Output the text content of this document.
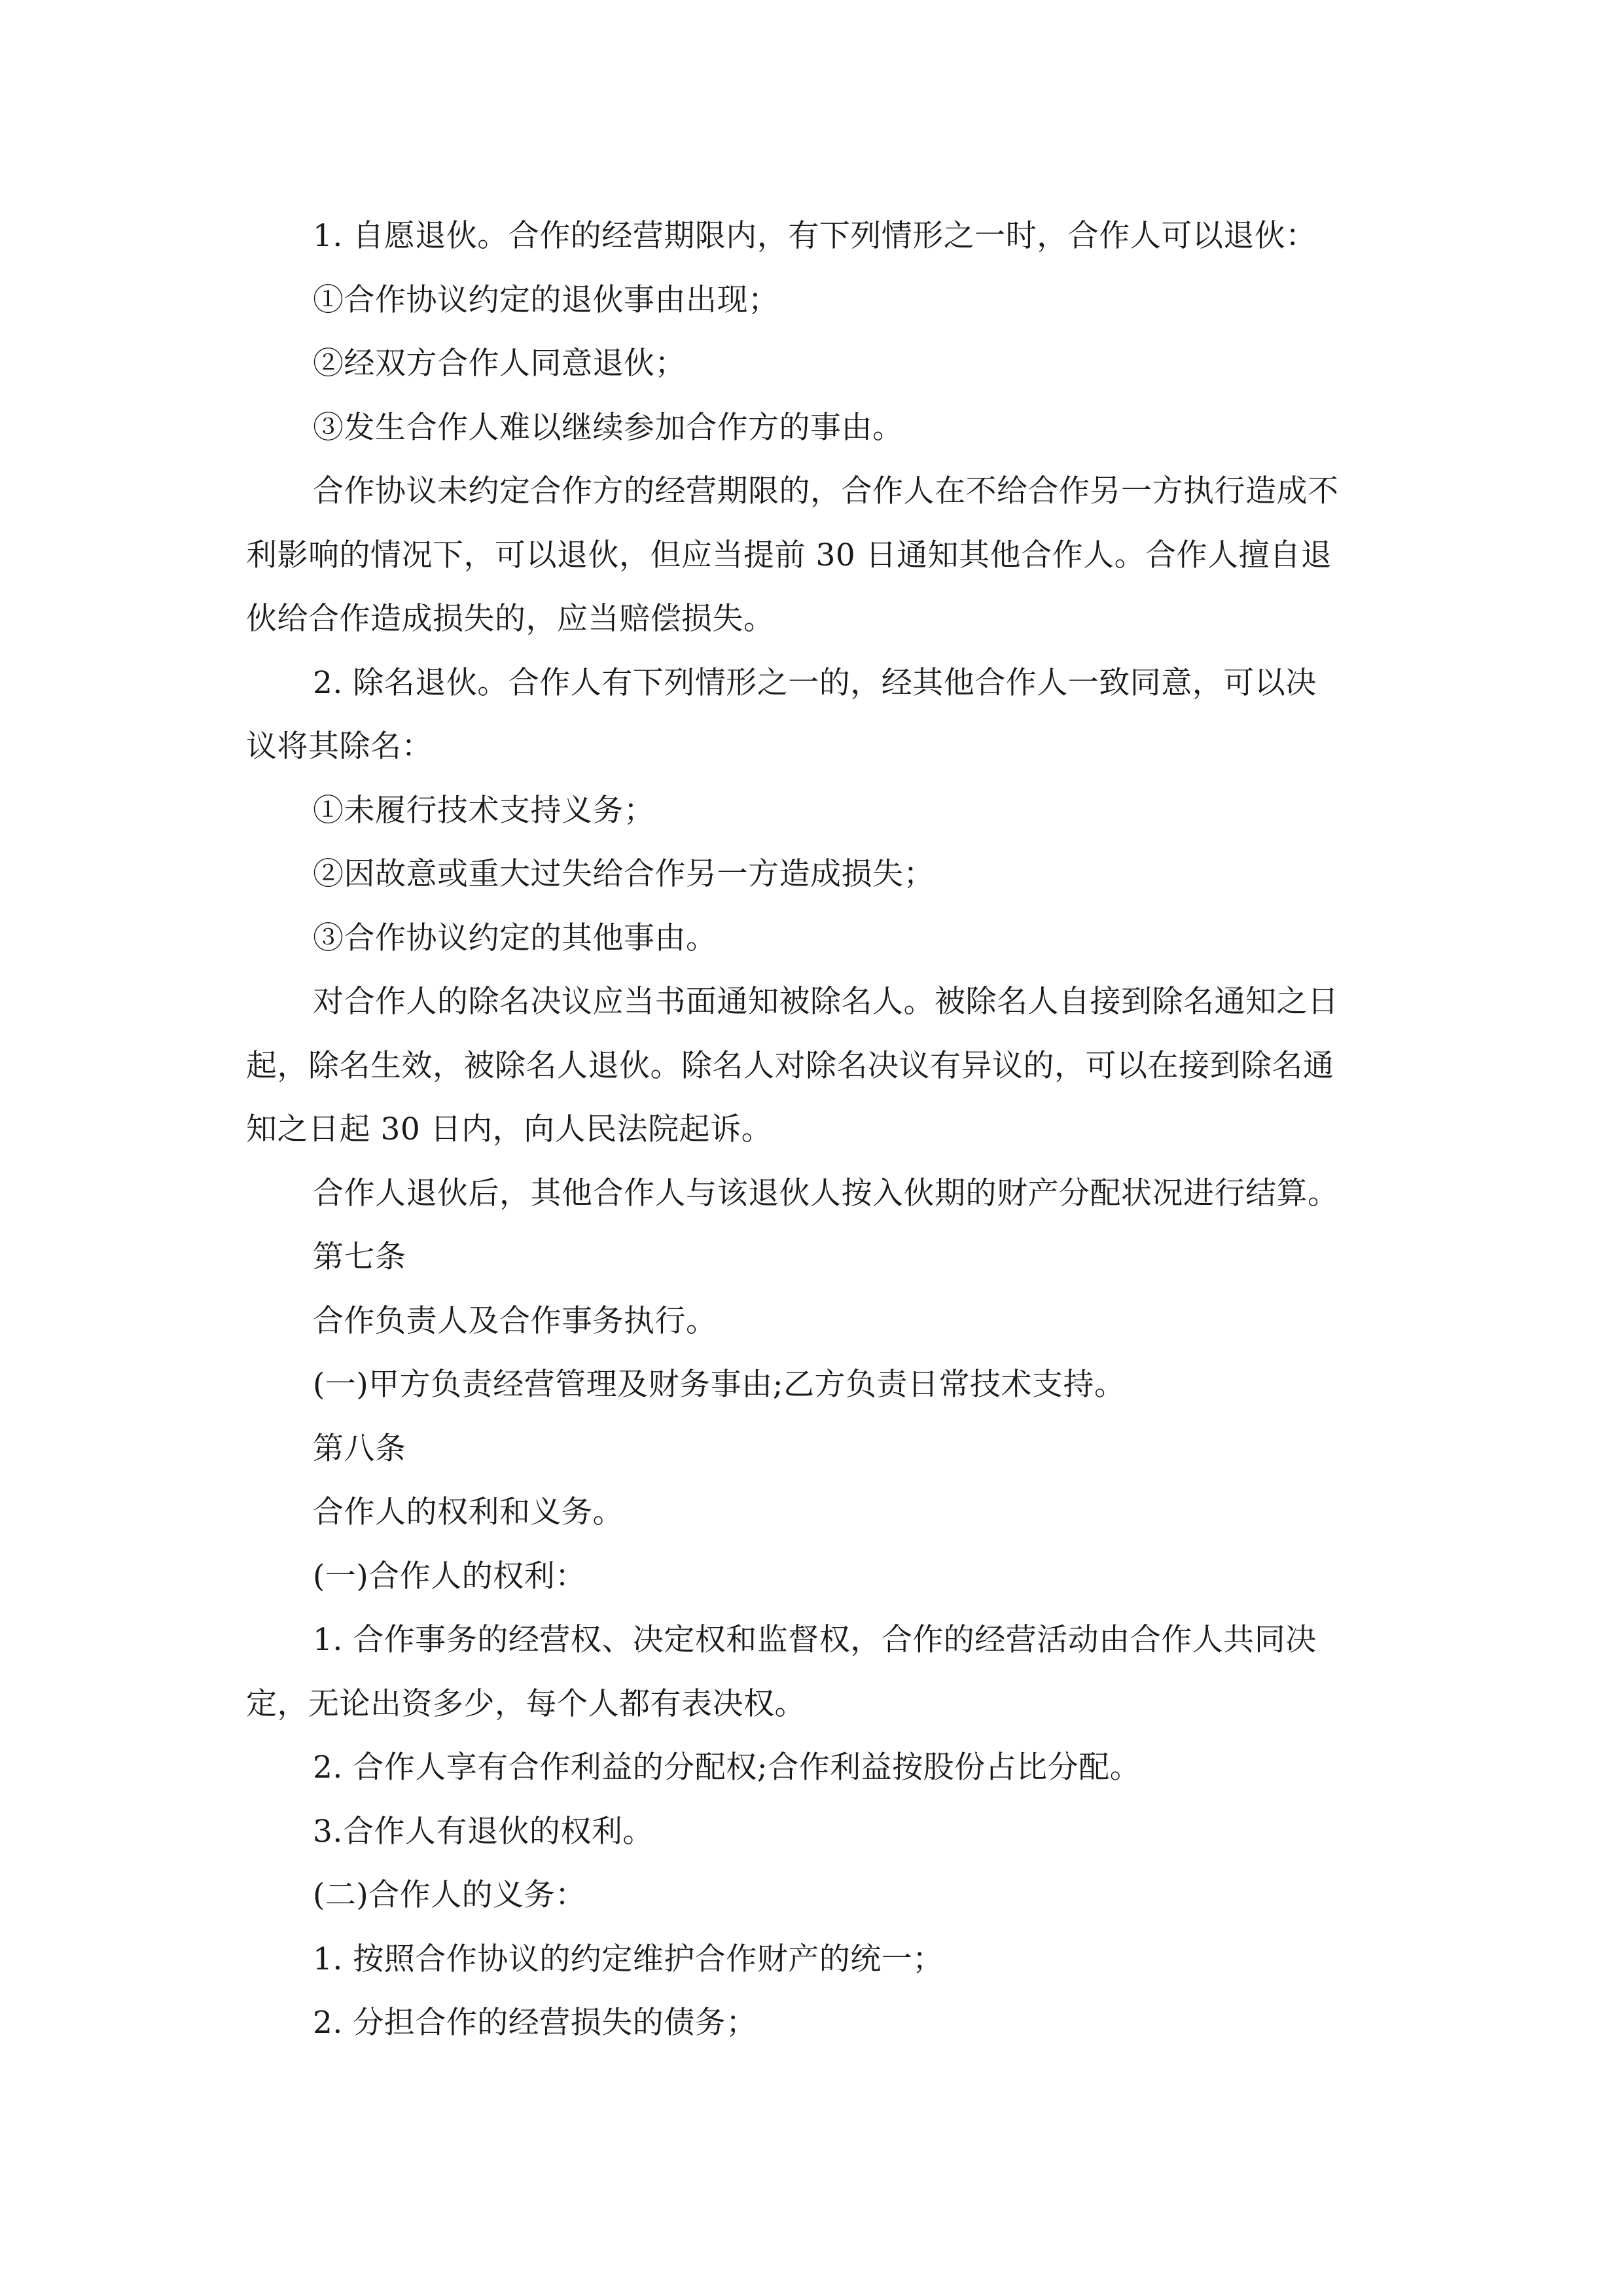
1. 自愿退伙。合作的经营期限内，有下列情形之一时，合作人可以退伙：
①合作协议约定的退伙事由出现；
②经双方合作人同意退伙；
③发生合作人难以继续参加合作方的事由。
合作协议未约定合作方的经营期限的，合作人在不给合作另一方执行造成不
利影响的情况下，可以退伙，但应当提前 30 日通知其他合作人。合作人擅自退
伙给合作造成损失的，应当赔偿损失。
2. 除名退伙。合作人有下列情形之一的，经其他合作人一致同意，可以决
议将其除名：
①未履行技术支持义务；
②因故意或重大过失给合作另一方造成损失；
③合作协议约定的其他事由。
对合作人的除名决议应当书面通知被除名人。被除名人自接到除名通知之日
起，除名生效，被除名人退伙。除名人对除名决议有异议的，可以在接到除名通
知之日起 30 日内，向人民法院起诉。
合作人退伙后，其他合作人与该退伙人按入伙期的财产分配状况进行结算。
第七条
合作负责人及合作事务执行。
(一)甲方负责经营管理及财务事由;乙方负责日常技术支持。
第八条
合作人的权利和义务。
(一)合作人的权利：
1. 合作事务的经营权、决定权和监督权，合作的经营活动由合作人共同决
定，无论出资多少，每个人都有表决权。
2. 合作人享有合作利益的分配权;合作利益按股份占比分配。
3.合作人有退伙的权利。
(二)合作人的义务：
1. 按照合作协议的约定维护合作财产的统一；
2. 分担合作的经营损失的债务；
